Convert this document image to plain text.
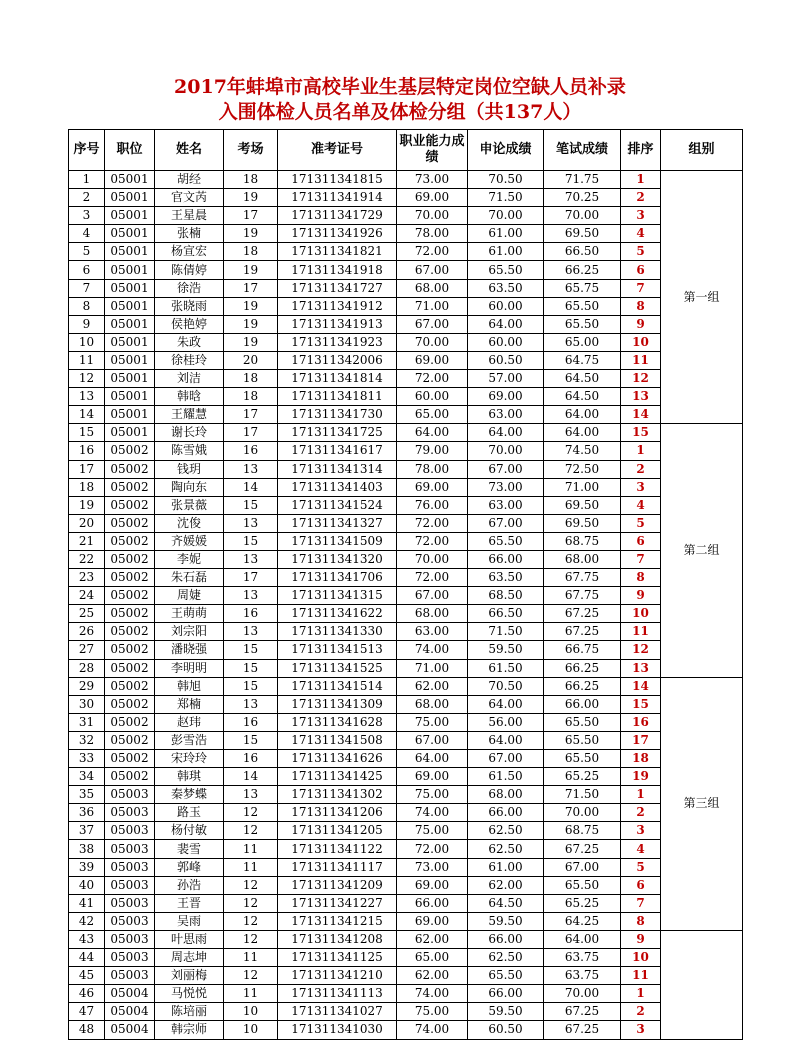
2017年蚌埠市高校毕业生基层特定岗位空缺人员补录
入围体检人员名单及体检分组（共137人）
序号	职位	姓名	考场	准考证号	职业能力成绩	申论成绩	笔试成绩	排序	组别
1	05001	胡经	18	171311341815	73.00	70.50	71.75	1	第一组
2	05001	官文芮	19	171311341914	69.00	71.50	70.25	2	
3	05001	王星晨	17	171311341729	70.00	70.00	70.00	3	
4	05001	张楠	19	171311341926	78.00	61.00	69.50	4	
5	05001	杨宣宏	18	171311341821	72.00	61.00	66.50	5	
6	05001	陈倩婷	19	171311341918	67.00	65.50	66.25	6	
7	05001	徐浩	17	171311341727	68.00	63.50	65.75	7	
8	05001	张晓雨	19	171311341912	71.00	60.00	65.50	8	
9	05001	侯艳婷	19	171311341913	67.00	64.00	65.50	9	
10	05001	朱政	19	171311341923	70.00	60.00	65.00	10	
11	05001	徐桂玲	20	171311342006	69.00	60.50	64.75	11	
12	05001	刘洁	18	171311341814	72.00	57.00	64.50	12	
13	05001	韩晗	18	171311341811	60.00	69.00	64.50	13	
14	05001	王耀慧	17	171311341730	65.00	63.00	64.00	14	
15	05001	谢长玲	17	171311341725	64.00	64.00	64.00	15	第二组
16	05002	陈雪娥	16	171311341617	79.00	70.00	74.50	1	
17	05002	钱玥	13	171311341314	78.00	67.00	72.50	2	
18	05002	陶向东	14	171311341403	69.00	73.00	71.00	3	
19	05002	张景薇	15	171311341524	76.00	63.00	69.50	4	
20	05002	沈俊	13	171311341327	72.00	67.00	69.50	5	
21	05002	齐媛媛	15	171311341509	72.00	65.50	68.75	6	
22	05002	李妮	13	171311341320	70.00	66.00	68.00	7	
23	05002	朱石磊	17	171311341706	72.00	63.50	67.75	8	
24	05002	周婕	13	171311341315	67.00	68.50	67.75	9	
25	05002	王萌萌	16	171311341622	68.00	66.50	67.25	10	
26	05002	刘宗阳	13	171311341330	63.00	71.50	67.25	11	
27	05002	潘晓强	15	171311341513	74.00	59.50	66.75	12	
28	05002	李明明	15	171311341525	71.00	61.50	66.25	13	
29	05002	韩旭	15	171311341514	62.00	70.50	66.25	14	第三组
30	05002	郑楠	13	171311341309	68.00	64.00	66.00	15	
31	05002	赵玮	16	171311341628	75.00	56.00	65.50	16	
32	05002	彭雪浩	15	171311341508	67.00	64.00	65.50	17	
33	05002	宋玲玲	16	171311341626	64.00	67.00	65.50	18	
34	05002	韩琪	14	171311341425	69.00	61.50	65.25	19	
35	05003	秦梦蝶	13	171311341302	75.00	68.00	71.50	1	
36	05003	路玉	12	171311341206	74.00	66.00	70.00	2	
37	05003	杨付敏	12	171311341205	75.00	62.50	68.75	3	
38	05003	裴雪	11	171311341122	72.00	62.50	67.25	4	
39	05003	郭峰	11	171311341117	73.00	61.00	67.00	5	
40	05003	孙浩	12	171311341209	69.00	62.00	65.50	6	
41	05003	王晋	12	171311341227	66.00	64.50	65.25	7	
42	05003	吴雨	12	171311341215	69.00	59.50	64.25	8	
43	05003	叶思雨	12	171311341208	62.00	66.00	64.00	9	
44	05003	周志坤	11	171311341125	65.00	62.50	63.75	10	
45	05003	刘丽梅	12	171311341210	62.00	65.50	63.75	11	
46	05004	马悦悦	11	171311341113	74.00	66.00	70.00	1	
47	05004	陈培丽	10	171311341027	75.00	59.50	67.25	2	
48	05004	韩宗师	10	171311341030	74.00	60.50	67.25	3	
